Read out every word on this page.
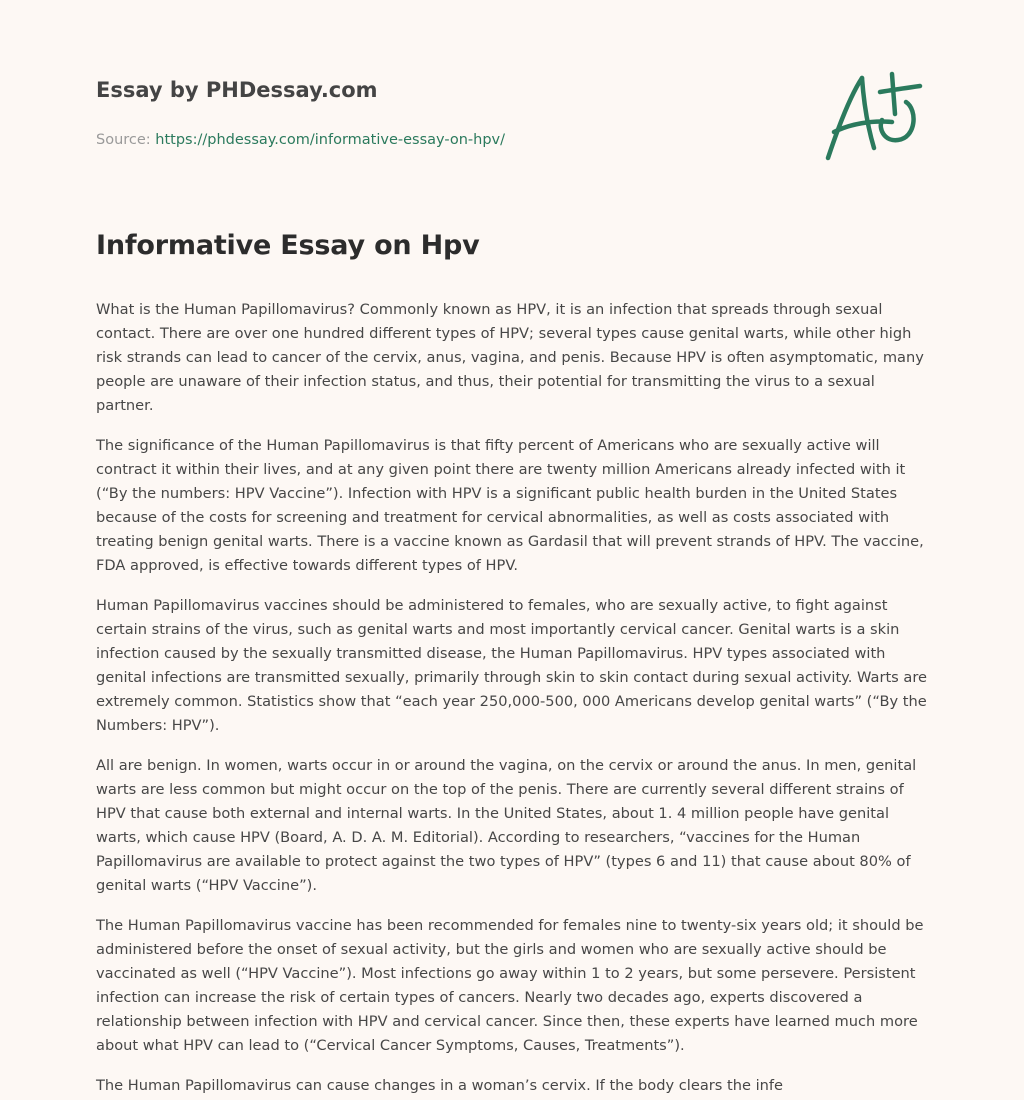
Essay by PHDessay.com
Source: https://phdessay.com/informative-essay-on-hpv/
Informative Essay on Hpv

What is the Human Papillomavirus? Commonly known as HPV, it is an infection that spreads through sexual contact. There are over one hundred different types of HPV; several types cause genital warts, while other high risk strands can lead to cancer of the cervix, anus, vagina, and penis. Because HPV is often asymptomatic, many people are unaware of their infection status, and thus, their potential for transmitting the virus to a sexual partner.

The significance of the Human Papillomavirus is that fifty percent of Americans who are sexually active will contract it within their lives, and at any given point there are twenty million Americans already infected with it (“By the numbers: HPV Vaccine”). Infection with HPV is a significant public health burden in the United States because of the costs for screening and treatment for cervical abnormalities, as well as costs associated with treating benign genital warts. There is a vaccine known as Gardasil that will prevent strands of HPV. The vaccine, FDA approved, is effective towards different types of HPV.

Human Papillomavirus vaccines should be administered to females, who are sexually active, to fight against certain strains of the virus, such as genital warts and most importantly cervical cancer. Genital warts is a skin infection caused by the sexually transmitted disease, the Human Papillomavirus. HPV types associated with genital infections are transmitted sexually, primarily through skin to skin contact during sexual activity. Warts are extremely common. Statistics show that “each year 250,000-500, 000 Americans develop genital warts” (“By the Numbers: HPV”).

All are benign. In women, warts occur in or around the vagina, on the cervix or around the anus. In men, genital warts are less common but might occur on the top of the penis. There are currently several different strains of HPV that cause both external and internal warts. In the United States, about 1. 4 million people have genital warts, which cause HPV (Board, A. D. A. M. Editorial). According to researchers, “vaccines for the Human Papillomavirus are available to protect against the two types of HPV” (types 6 and 11) that cause about 80% of genital warts (“HPV Vaccine”).

The Human Papillomavirus vaccine has been recommended for females nine to twenty-six years old; it should be administered before the onset of sexual activity, but the girls and women who are sexually active should be vaccinated as well (“HPV Vaccine”). Most infections go away within 1 to 2 years, but some persevere. Persistent infection can increase the risk of certain types of cancers. Nearly two decades ago, experts discovered a relationship between infection with HPV and cervical cancer. Since then, these experts have learned much more about what HPV can lead to (“Cervical Cancer Symptoms, Causes, Treatments”).

The Human Papillomavirus can cause changes in a woman’s cervix. If the body clears the infe
